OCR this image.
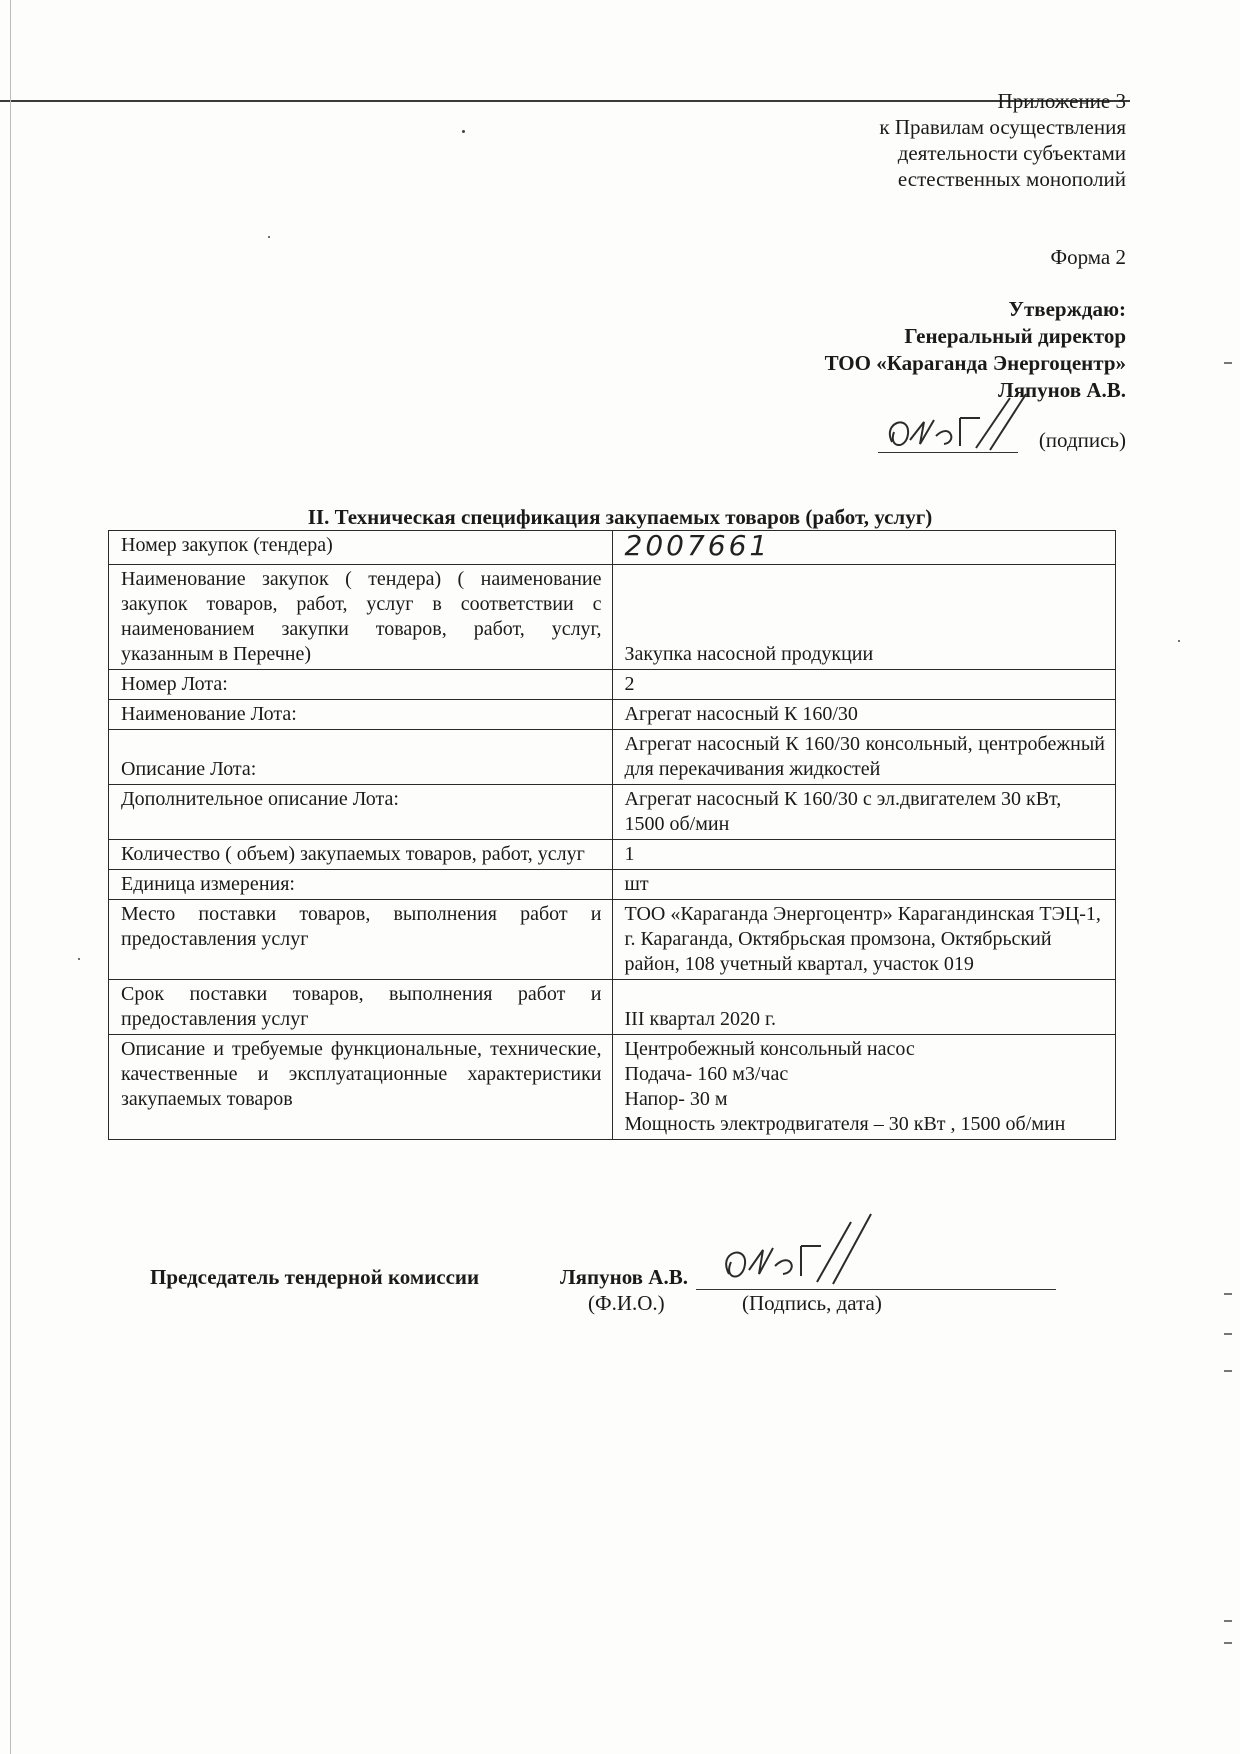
Приложение 3
к Правилам осуществления
деятельности субъектами
естественных монополий
Форма 2
Утверждаю:
Генеральный директор
ТОО «Караганда Энергоцентр»
Ляпунов А.В.
(подпись)
II. Техническая спецификация закупаемых товаров (работ, услуг)
Номер закупок (тендера)	2007661
Наименование закупок ( тендера) ( наименование закупок товаров, работ, услуг в соответствии с наименованием закупки товаров, работ, услуг, указанным в Перечне)	Закупка насосной продукции
Номер Лота:	2
Наименование Лота:	Агрегат насосный К 160/30
Описание Лота:	Агрегат насосный К 160/30 консольный, центробежный для перекачивания жидкостей
Дополнительное описание Лота:	Агрегат насосный К 160/30 с эл.двигателем 30 кВт, 1500 об/мин
Количество ( объем) закупаемых товаров, работ, услуг	1
Единица измерения:	шт
Место поставки товаров, выполнения работ и предоставления услуг	ТОО «Караганда Энергоцентр» Карагандинская ТЭЦ-1, г. Караганда, Октябрьская промзона, Октябрьский район, 108 учетный квартал, участок 019
Срок поставки товаров, выполнения работ и предоставления услуг	III квартал 2020 г.
Описание и требуемые функциональные, технические, качественные и эксплуатационные характеристики закупаемых товаров	Центробежный консольный насос
Подача- 160 м3/час
Напор- 30 м
Мощность электродвигателя – 30 кВт , 1500 об/мин
Председатель тендерной комиссии	Ляпунов А.В.
(Ф.И.О.)	(Подпись, дата)
